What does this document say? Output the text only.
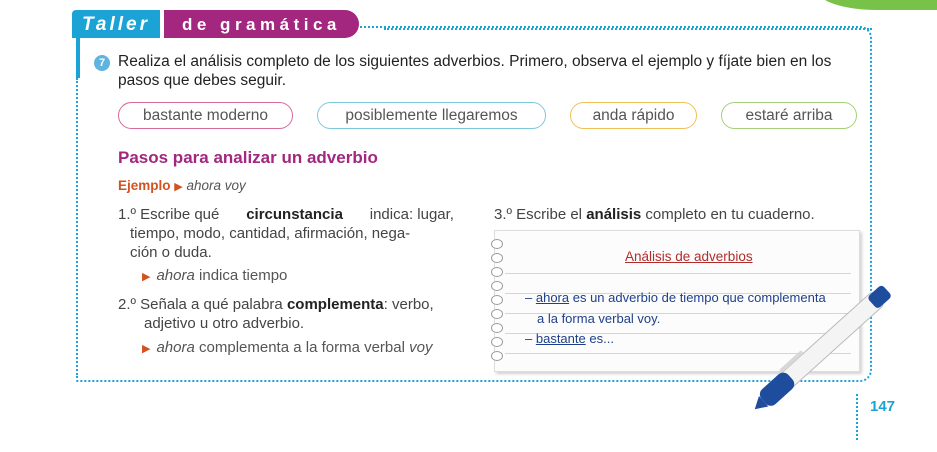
Taller	de gramática
7 Realiza el análisis completo de los siguientes adverbios. Primero, observa el ejemplo y fíjate bien en los pasos que debes seguir.
bastante moderno	posiblemente llegaremos	anda rápido	estaré arriba
Pasos para analizar un adverbio
Ejemplo ▶ ahora voy
1.º Escribe qué circunstancia indica: lugar,
tiempo, modo, cantidad, afirmación, nega-
ción o duda.
▶ ahora indica tiempo
2.º Señala a qué palabra complementa: verbo,
adjetivo u otro adverbio.
▶ ahora complementa a la forma verbal voy
3.º Escribe el análisis completo en tu cuaderno.
Análisis de adverbios
– ahora es un adverbio de tiempo que complementa
a la forma verbal voy.
– bastante es...
147
